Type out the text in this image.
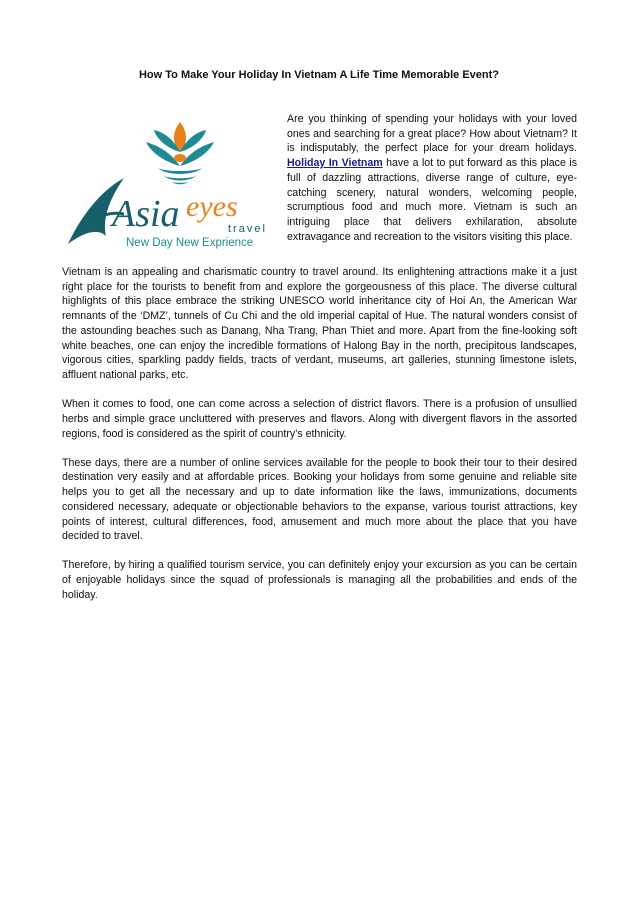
How To Make Your Holiday In Vietnam A Life Time Memorable Event?
Asia eyes
travel
New Day New Exprience

Are you thinking of spending your holidays with your loved ones and searching for a great place? How about Vietnam? It is indisputably, the perfect place for your dream holidays. Holiday In Vietnam have a lot to put forward as this place is full of dazzling attractions, diverse range of culture, eye-catching scenery, natural wonders, welcoming people, scrumptious food and much more. Vietnam is such an intriguing place that delivers exhilaration, absolute extravagance and recreation to the visitors visiting this place.

Vietnam is an appealing and charismatic country to travel around. Its enlightening attractions make it a just right place for the tourists to benefit from and explore the gorgeousness of this place. The diverse cultural highlights of this place embrace the striking UNESCO world inheritance city of Hoi An, the American War remnants of the ‘DMZ’, tunnels of Cu Chi and the old imperial capital of Hue. The natural wonders consist of the astounding beaches such as Danang, Nha Trang, Phan Thiet and more. Apart from the fine-looking soft white beaches, one can enjoy the incredible formations of Halong Bay in the north, precipitous landscapes, vigorous cities, sparkling paddy fields, tracts of verdant, museums, art galleries, stunning limestone islets, affluent national parks, etc.

When it comes to food, one can come across a selection of district flavors. There is a profusion of unsullied herbs and simple grace uncluttered with preserves and flavors. Along with divergent flavors in the assorted regions, food is considered as the spirit of country’s ethnicity.

These days, there are a number of online services available for the people to book their tour to their desired destination very easily and at affordable prices. Booking your holidays from some genuine and reliable site helps you to get all the necessary and up to date information like the laws, immunizations, documents considered necessary, adequate or objectionable behaviors to the expanse, various tourist attractions, key points of interest, cultural differences, food, amusement and much more about the place that you have decided to travel.

Therefore, by hiring a qualified tourism service, you can definitely enjoy your excursion as you can be certain of enjoyable holidays since the squad of professionals is managing all the probabilities and ends of the holiday.
